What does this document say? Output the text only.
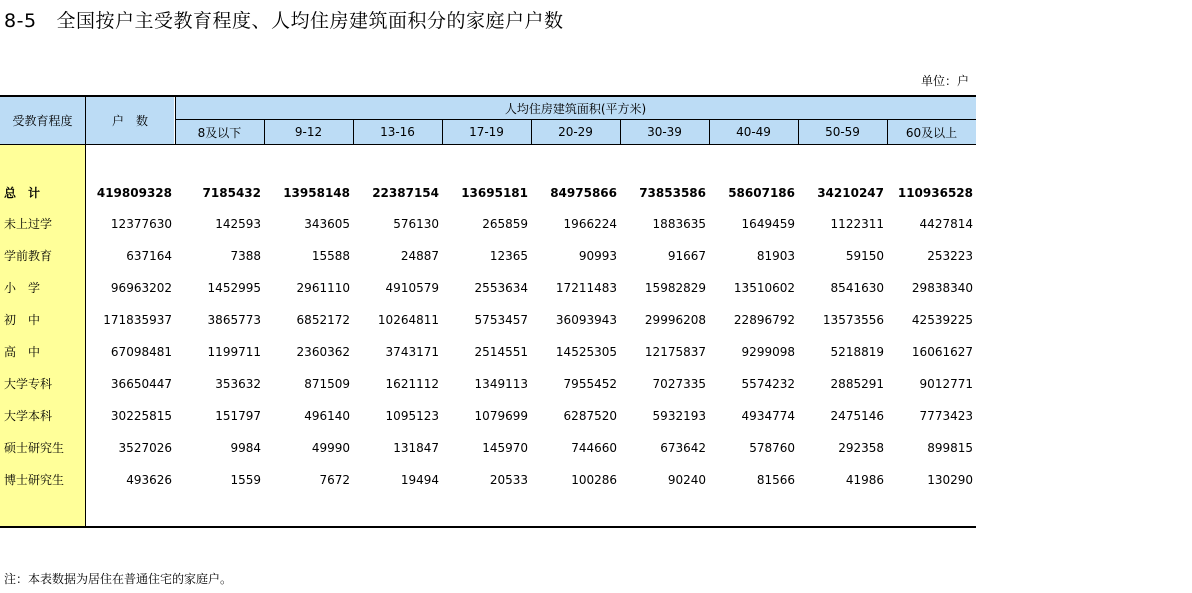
8-5 全国按户主受教育程度、人均住房建筑面积分的家庭户户数
单位：户
受教育程度	户　数
人均住房建筑面积(平方米)
8及以下	9-12	13-16	17-19	20-29	30-39	40-49	50-59	60及以上
总　计	419809328	7185432 13958148 22387154 13695181 84975866 73853586 58607186 34210247 110936528
未上过学	12377630	142593	343605	576130	265859	1966224	1883635	1649459	1122311	4427814
学前教育	637164	7388	15588	24887	12365	90993	91667	81903	59150	253223
小　学	96963202	1452995	2961110	4910579	2553634 17211483 15982829 13510602	8541630 29838340
初　中	171835937	3865773	6852172 10264811	5753457 36093943 29996208 22896792 13573556 42539225
高　中	67098481	1199711	2360362	3743171	2514551 14525305 12175837	9299098	5218819 16061627
大学专科	36650447	353632	871509	1621112	1349113	7955452	7027335	5574232	2885291	9012771
大学本科	30225815	151797	496140	1095123	1079699	6287520	5932193	4934774	2475146	7773423
硕士研究生	3527026	9984	49990	131847	145970	744660	673642	578760	292358	899815
博士研究生	493626	1559	7672	19494	20533	100286	90240	81566	41986	130290
注：本表数据为居住在普通住宅的家庭户。
